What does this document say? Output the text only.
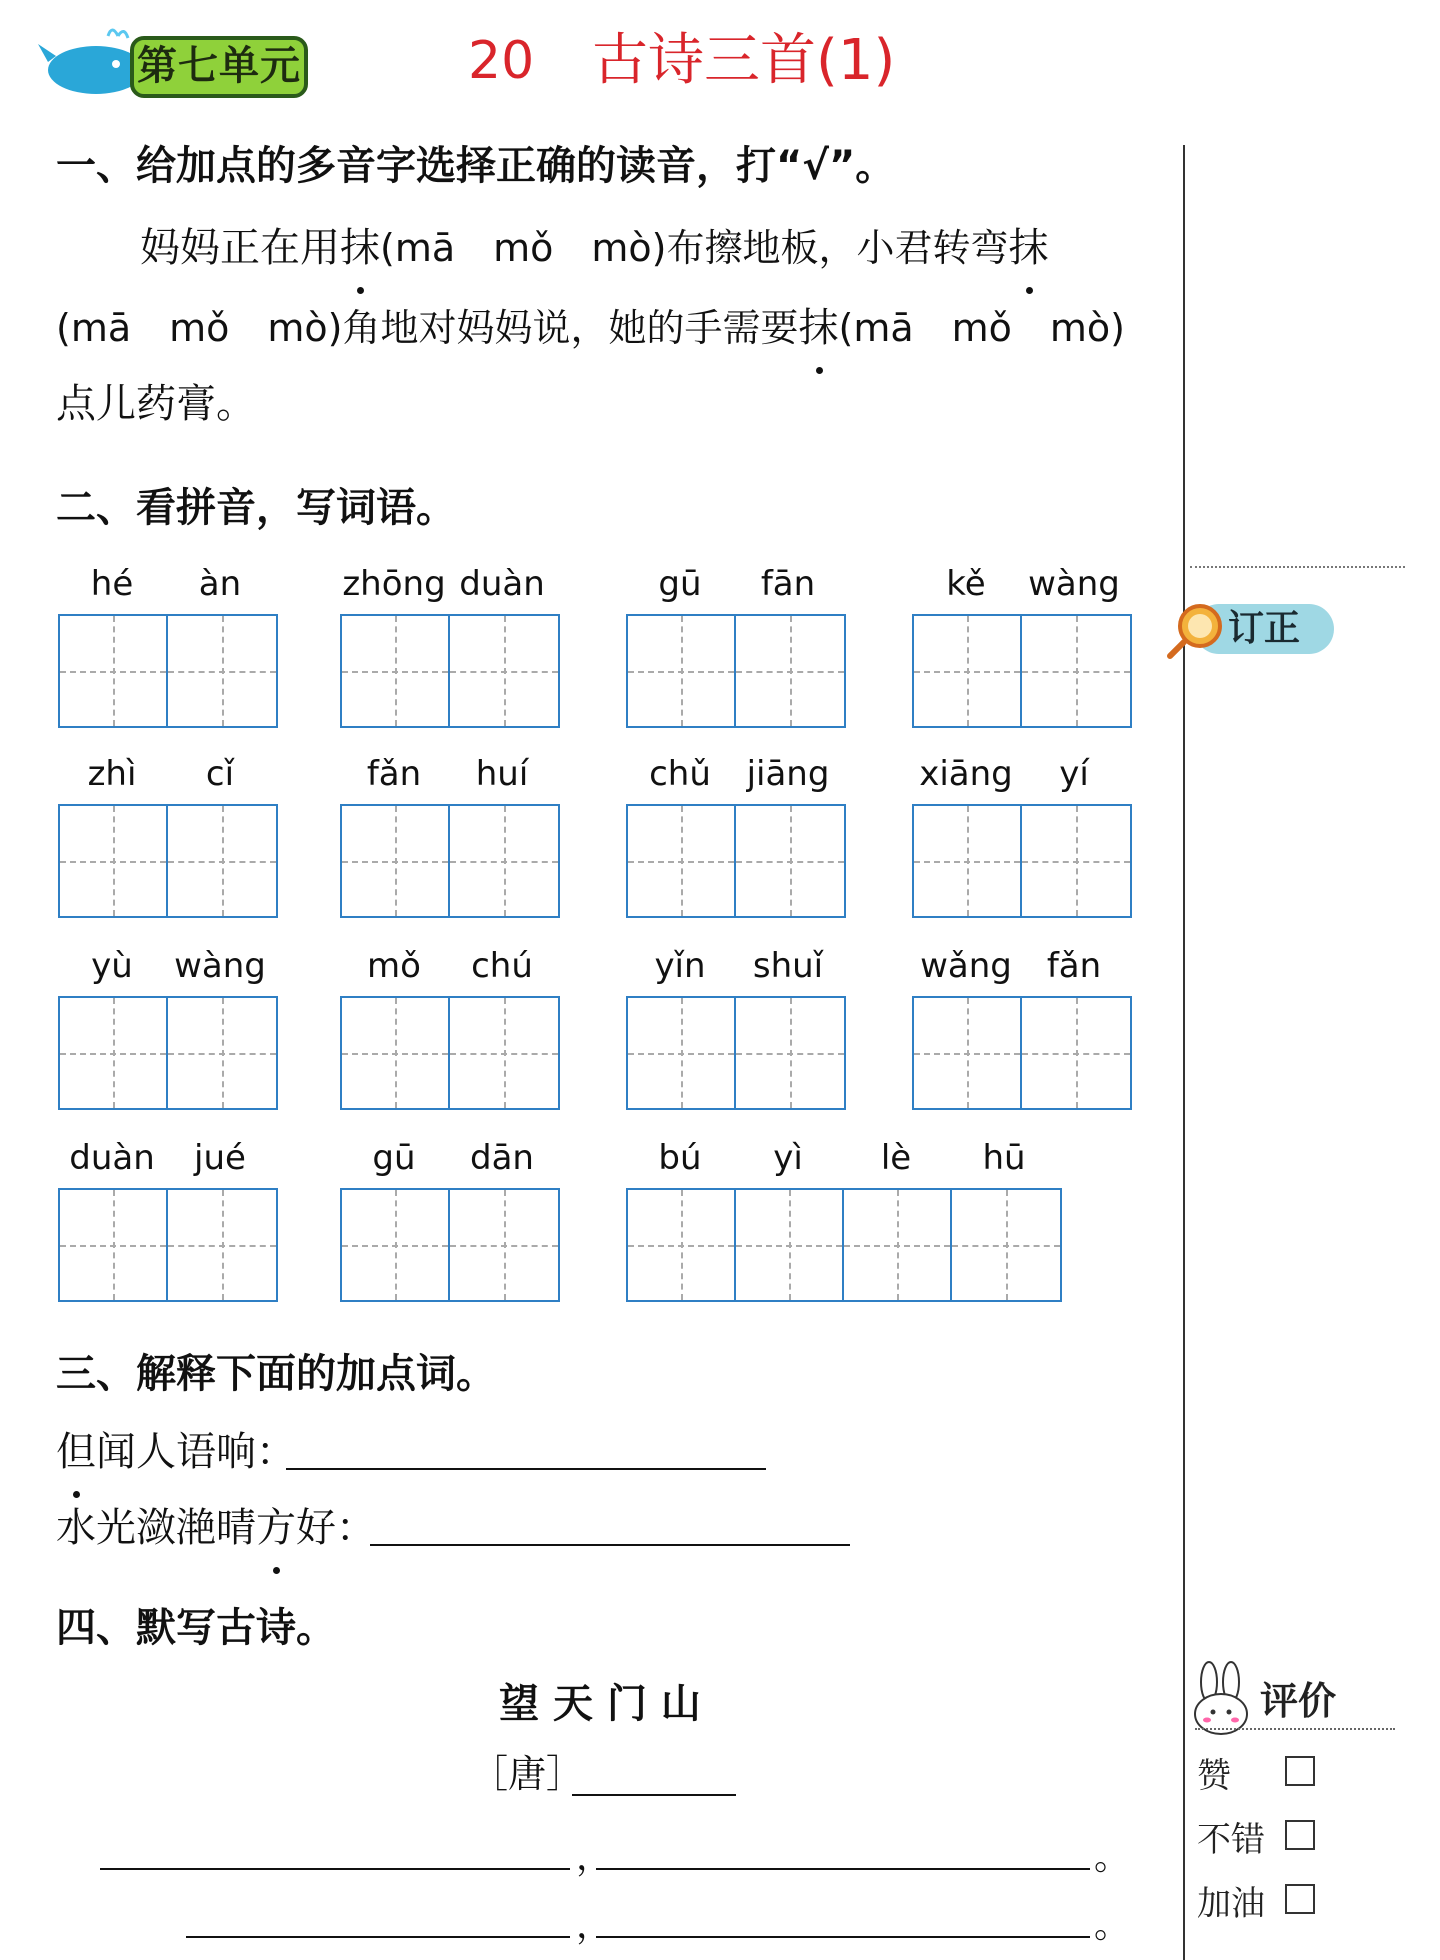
第七单元	20 古诗三首(1)
订正
评价
赞
不错
加油
一、给加点的多音字选择正确的读音，打“√”。
妈妈正在用抹(mā　mǒ　mò)布擦地板，小君转弯抹
(mā　mǒ　mò)角地对妈妈说，她的手需要抹(mā　mǒ　mò)
点儿药膏。
二、看拼音，写词语。
hé	àn	zhōng duàn	gū	fān	kě	wàng
zhì	cǐ	fǎn	huí	chǔ	jiāng	xiāng	yí
yù	wàng	mǒ	chú	yǐn	shuǐ	wǎng	fǎn
duàn	jué	gū	dān	bú	yì	lè	hū
三、解释下面的加点词。
但闻人语响：
水光潋滟晴方好：
四、默写古诗。
望 天 门 山
［唐］
，	。
，	。
